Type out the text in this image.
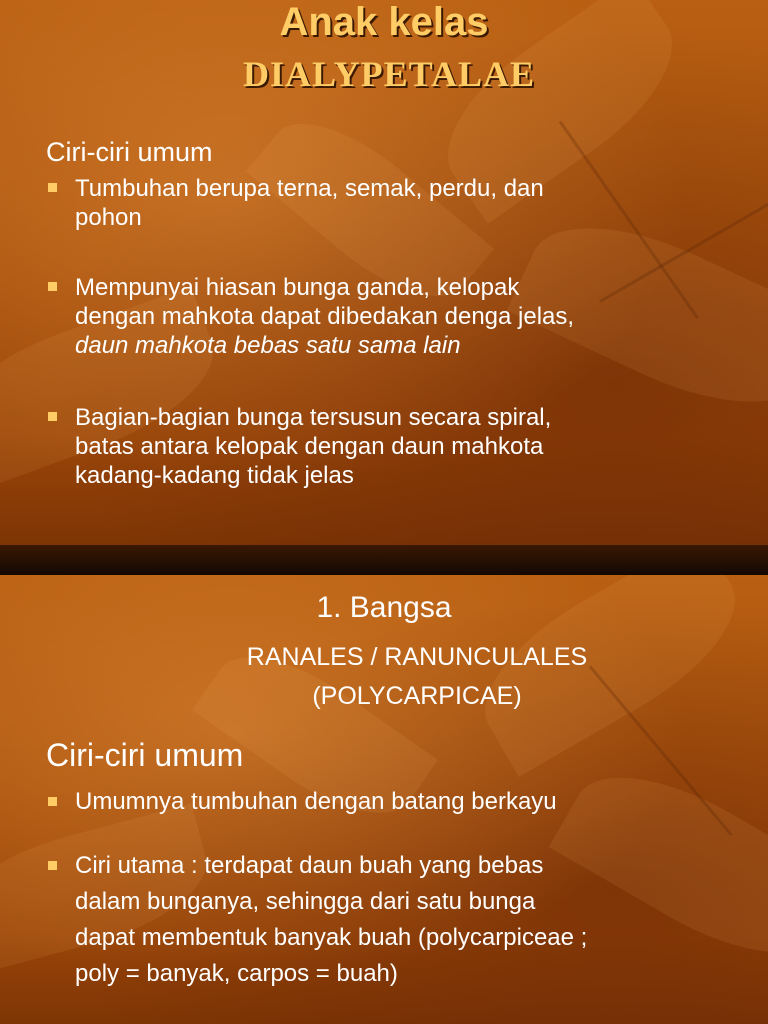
Anak kelas
DIALYPETALAE
Ciri-ciri umum
Tumbuhan berupa terna, semak, perdu, dan
pohon
Mempunyai hiasan bunga ganda, kelopak
dengan mahkota dapat dibedakan denga jelas,
daun mahkota bebas satu sama lain
Bagian-bagian bunga tersusun secara spiral,
batas antara kelopak dengan daun mahkota
kadang-kadang tidak jelas
1. Bangsa
RANALES / RANUNCULALES
(POLYCARPICAE)
Ciri-ciri umum
Umumnya tumbuhan dengan batang berkayu
Ciri utama : terdapat daun buah yang bebas
dalam bunganya, sehingga dari satu bunga
dapat membentuk banyak buah (polycarpiceae ;
poly = banyak, carpos = buah)
